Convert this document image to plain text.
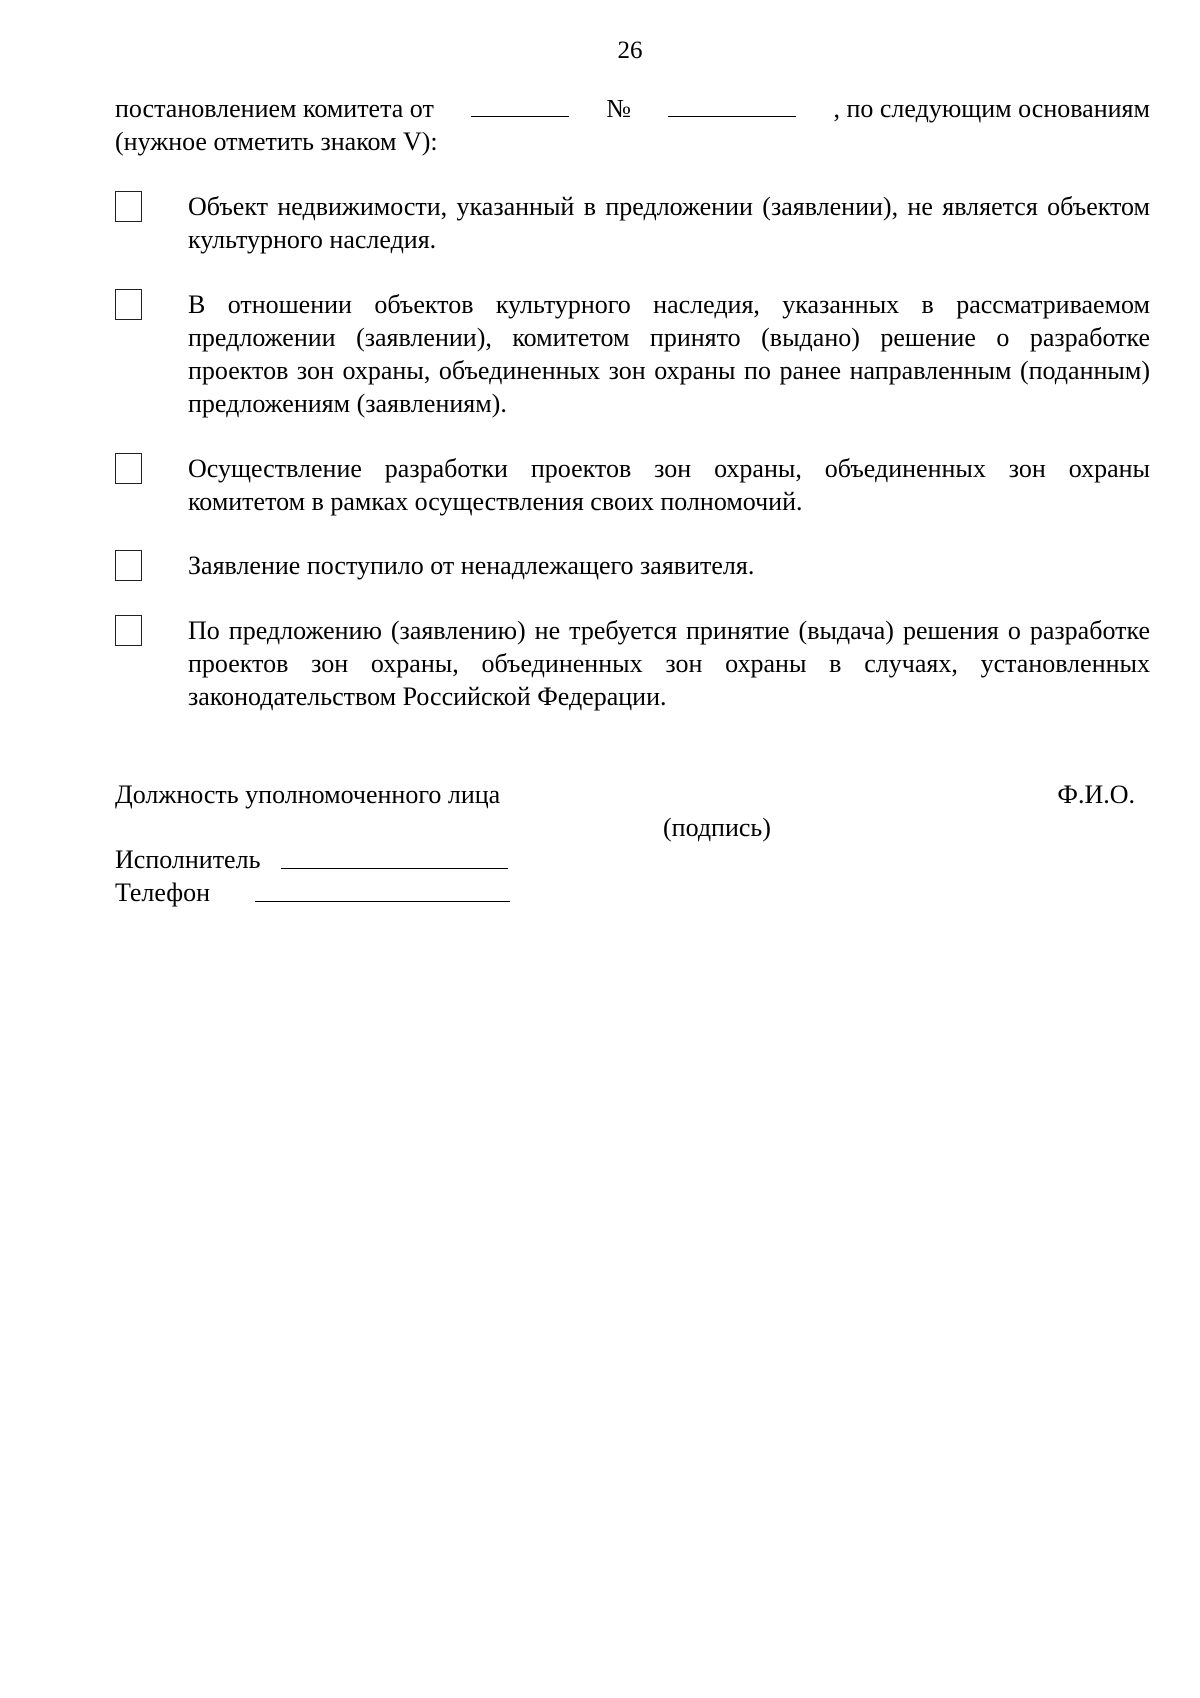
26
постановлением комитета от	№	, по следующим основаниям
(нужное отметить знаком V):

Объект недвижимости, указанный в предложении (заявлении), не является объектом культурного наследия.

В отношении объектов культурного наследия, указанных в рассматриваемом предложении (заявлении), комитетом принято (выдано) решение о разработке проектов зон охраны, объединенных зон охраны по ранее направленным (поданным) предложениям (заявлениям).

Осуществление разработки проектов зон охраны, объединенных зон охраны комитетом в рамках осуществления своих полномочий.

Заявление поступило от ненадлежащего заявителя.

По предложению (заявлению) не требуется принятие (выдача) решения о разработке проектов зон охраны, объединенных зон охраны в случаях, установленных законодательством Российской Федерации.

Должность уполномоченного лица	Ф.И.О.
(подпись)
Исполнитель
Телефон
